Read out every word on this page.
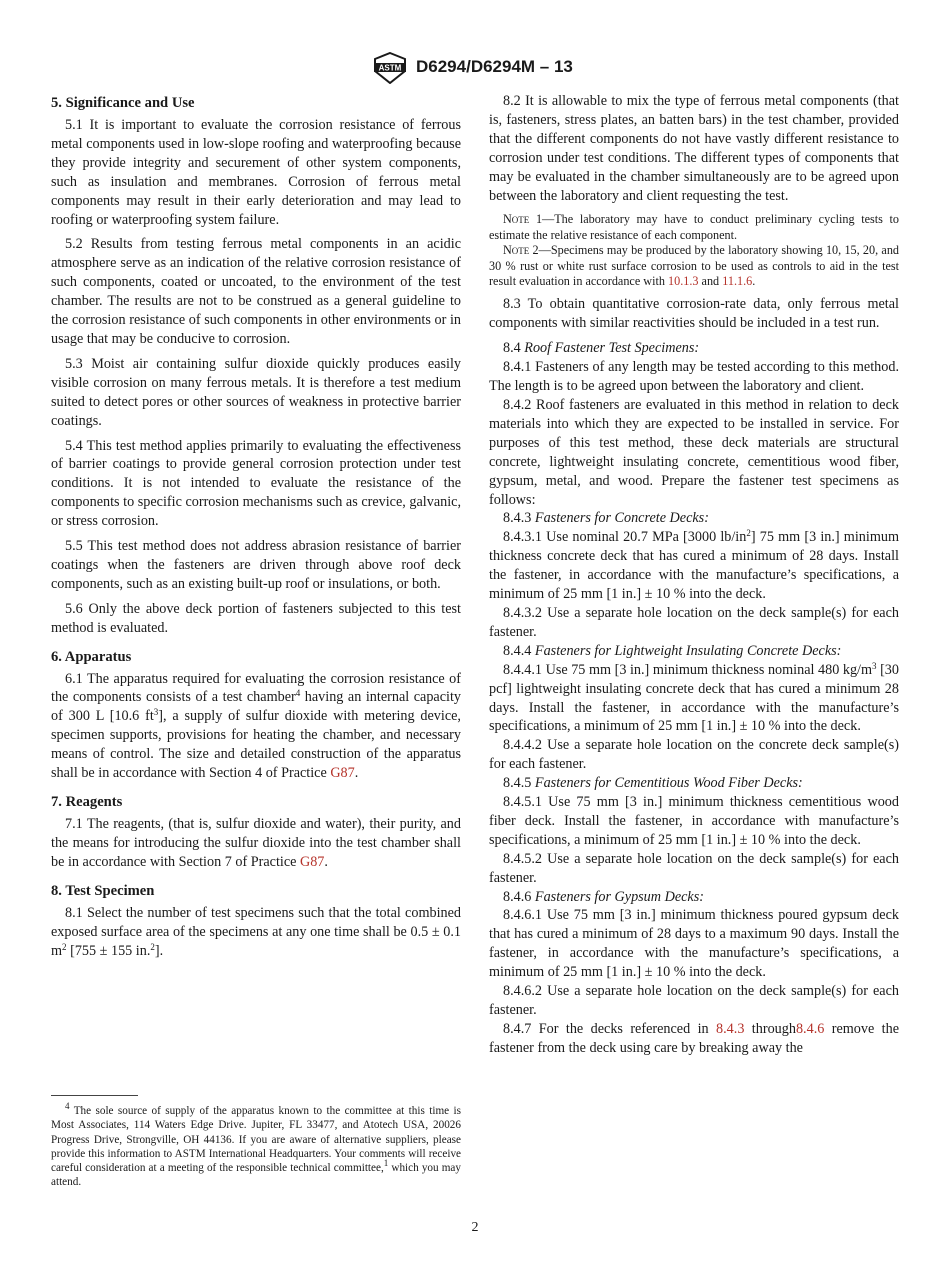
ASTM D6294/D6294M – 13
5. Significance and Use

5.1 It is important to evaluate the corrosion resistance of ferrous metal components used in low-slope roofing and waterproofing because they provide integrity and securement of other system components, such as insulation and membranes. Corrosion of ferrous metal components may result in their early deterioration and may lead to roofing or waterproofing system failure.

5.2 Results from testing ferrous metal components in an acidic atmosphere serve as an indication of the relative corrosion resistance of such components, coated or uncoated, to the environment of the test chamber. The results are not to be construed as a general guideline to the corrosion resistance of such components in other environments or in usage that may be conducive to corrosion.

5.3 Moist air containing sulfur dioxide quickly produces easily visible corrosion on many ferrous metals. It is therefore a test medium suited to detect pores or other sources of weakness in protective barrier coatings.

5.4 This test method applies primarily to evaluating the effectiveness of barrier coatings to provide general corrosion protection under test conditions. It is not intended to evaluate the resistance of the components to specific corrosion mechanisms such as crevice, galvanic, or stress corrosion.

5.5 This test method does not address abrasion resistance of barrier coatings when the fasteners are driven through above roof deck components, such as an existing built-up roof or insulations, or both.

5.6 Only the above deck portion of fasteners subjected to this test method is evaluated.

6. Apparatus

6.1 The apparatus required for evaluating the corrosion resistance of the components consists of a test chamber$^4$ having an internal capacity of 300 L [10.6 $ft^3$], a supply of sulfur dioxide with metering device, specimen supports, provisions for heating the chamber, and necessary means of control. The size and detailed construction of the apparatus shall be in accordance with Section 4 of Practice G87.

7. Reagents

7.1 The reagents, (that is, sulfur dioxide and water), their purity, and the means for introducing the sulfur dioxide into the test chamber shall be in accordance with Section 7 of Practice G87.

8. Test Specimen

8.1 Select the number of test specimens such that the total combined exposed surface area of the specimens at any one time shall be 0.5 ± 0.1 $m^2$ [755 ± 155 in.$^2$].

$^4$ The sole source of supply of the apparatus known to the committee at this time is Most Associates, 114 Waters Edge Drive. Jupiter, FL 33477, and Atotech USA, 20026 Progress Drive, Strongville, OH 44136. If you are aware of alternative suppliers, please provide this information to ASTM International Headquarters. Your comments will receive careful consideration at a meeting of the responsible technical committee,$^1$ which you may attend.

8.2 It is allowable to mix the type of ferrous metal components (that is, fasteners, stress plates, an batten bars) in the test chamber, provided that the different components do not have vastly different resistance to corrosion under test conditions. The different types of components that may be evaluated in the chamber simultaneously are to be agreed upon between the laboratory and client requesting the test.

Note 1—The laboratory may have to conduct preliminary cycling tests to estimate the relative resistance of each component.

Note 2—Specimens may be produced by the laboratory showing 10, 15, 20, and 30 % rust or white rust surface corrosion to be used as controls to aid in the test result evaluation in accordance with 10.1.3 and 11.1.6.

8.3 To obtain quantitative corrosion-rate data, only ferrous metal components with similar reactivities should be included in a test run.

8.4 Roof Fastener Test Specimens:

8.4.1 Fasteners of any length may be tested according to this method. The length is to be agreed upon between the laboratory and client.

8.4.2 Roof fasteners are evaluated in this method in relation to deck materials into which they are expected to be installed in service. For purposes of this test method, these deck materials are structural concrete, lightweight insulating concrete, cementitious wood fiber, gypsum, metal, and wood. Prepare the fastener test specimens as follows:

8.4.3 Fasteners for Concrete Decks:

8.4.3.1 Use nominal 20.7 MPa [3000 $lb/in^2$] 75 mm [3 in.] minimum thickness concrete deck that has cured a minimum of 28 days. Install the fastener, in accordance with the manufacture’s specifications, a minimum of 25 mm [1 in.] ± 10 % into the deck.

8.4.3.2 Use a separate hole location on the deck sample(s) for each fastener.

8.4.4 Fasteners for Lightweight Insulating Concrete Decks:

8.4.4.1 Use 75 mm [3 in.] minimum thickness nominal 480 $kg/m^3$ [30 pcf] lightweight insulating concrete deck that has cured a minimum 28 days. Install the fastener, in accordance with the manufacture’s specifications, a minimum of 25 mm [1 in.] ± 10 % into the deck.

8.4.4.2 Use a separate hole location on the concrete deck sample(s) for each fastener.

8.4.5 Fasteners for Cementitious Wood Fiber Decks:

8.4.5.1 Use 75 mm [3 in.] minimum thickness cementitious wood fiber deck. Install the fastener, in accordance with manufacture’s specifications, a minimum of 25 mm [1 in.] ± 10 % into the deck.

8.4.5.2 Use a separate hole location on the deck sample(s) for each fastener.

8.4.6 Fasteners for Gypsum Decks:

8.4.6.1 Use 75 mm [3 in.] minimum thickness poured gypsum deck that has cured a minimum of 28 days to a maximum 90 days. Install the fastener, in accordance with the manufacture’s specifications, a minimum of 25 mm [1 in.] ± 10 % into the deck.

8.4.6.2 Use a separate hole location on the deck sample(s) for each fastener.

8.4.7 For the decks referenced in 8.4.3 through8.4.6 remove the fastener from the deck using care by breaking away the

2
